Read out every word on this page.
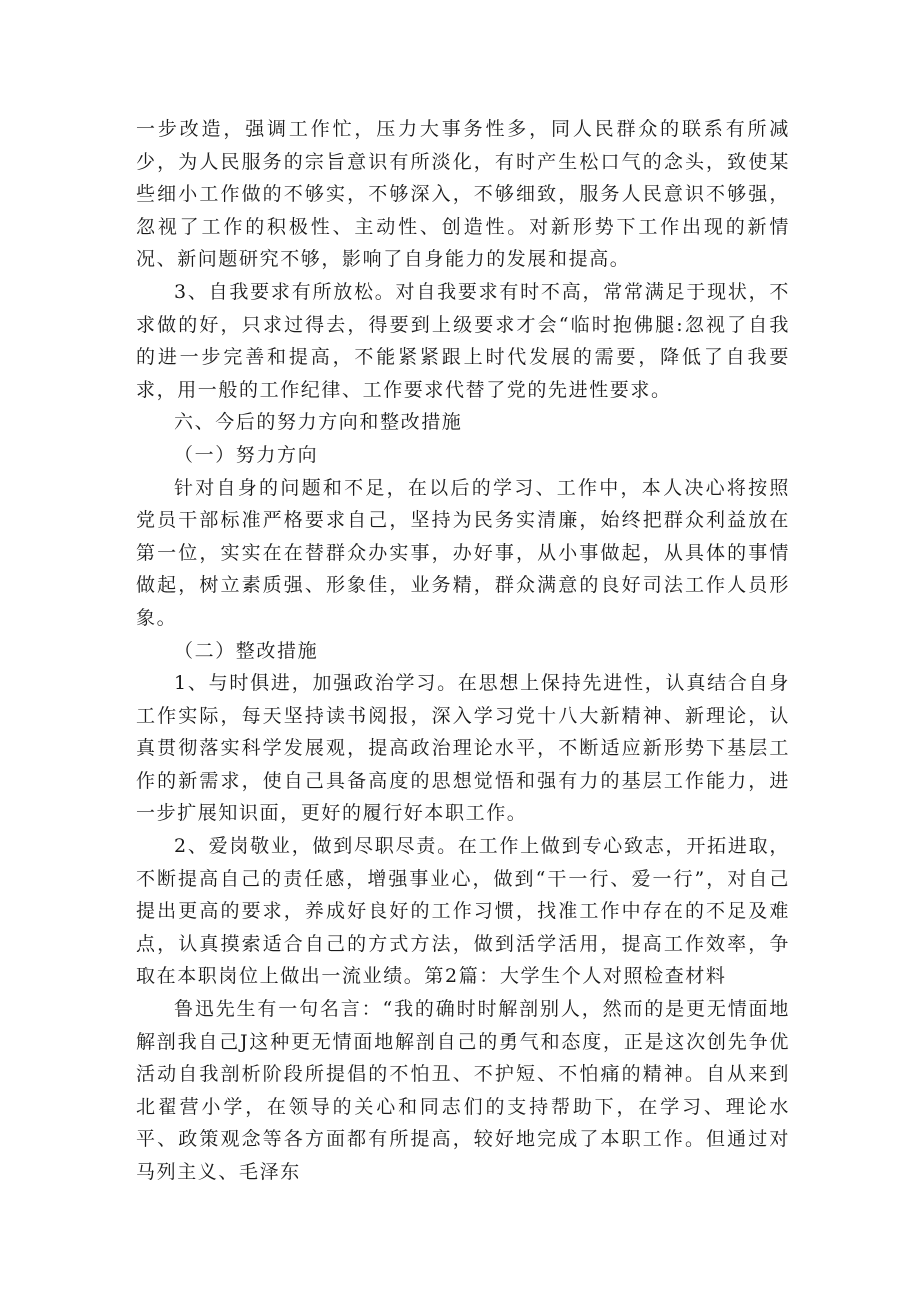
一步改造，强调工作忙，压力大事务性多，同人民群众的联系有所减少，为人民服务的宗旨意识有所淡化，有时产生松口气的念头，致使某些细小工作做的不够实，不够深入，不够细致，服务人民意识不够强，忽视了工作的积极性、主动性、创造性。对新形势下工作出现的新情况、新问题研究不够，影响了自身能力的发展和提高。

3、自我要求有所放松。对自我要求有时不高，常常满足于现状，不求做的好，只求过得去，得要到上级要求才会“临时抱佛腿:忽视了自我的进一步完善和提高，不能紧紧跟上时代发展的需要，降低了自我要求，用一般的工作纪律、工作要求代替了党的先进性要求。

六、今后的努力方向和整改措施

（一）努力方向

针对自身的问题和不足，在以后的学习、工作中，本人决心将按照党员干部标准严格要求自己，坚持为民务实清廉，始终把群众利益放在第一位，实实在在替群众办实事，办好事，从小事做起，从具体的事情做起，树立素质强、形象佳，业务精，群众满意的良好司法工作人员形象。

（二）整改措施

1、与时俱进，加强政治学习。在思想上保持先进性，认真结合自身工作实际，每天坚持读书阅报，深入学习党十八大新精神、新理论，认真贯彻落实科学发展观，提高政治理论水平，不断适应新形势下基层工作的新需求，使自己具备高度的思想觉悟和强有力的基层工作能力，进一步扩展知识面，更好的履行好本职工作。

2、爱岗敬业，做到尽职尽责。在工作上做到专心致志，开拓进取，不断提高自己的责任感，增强事业心，做到“干一行、爱一行”，对自己提出更高的要求，养成好良好的工作习惯，找准工作中存在的不足及难点，认真摸索适合自己的方式方法，做到活学活用，提高工作效率，争取在本职岗位上做出一流业绩。第2篇：大学生个人对照检查材料

鲁迅先生有一句名言：“我的确时时解剖别人，然而的是更无情面地解剖我自己J这种更无情面地解剖自己的勇气和态度，正是这次创先争优活动自我剖析阶段所提倡的不怕丑、不护短、不怕痛的精神。自从来到北翟营小学，在领导的关心和同志们的支持帮助下，在学习、理论水平、政策观念等各方面都有所提高，较好地完成了本职工作。但通过对马列主义、毛泽东
